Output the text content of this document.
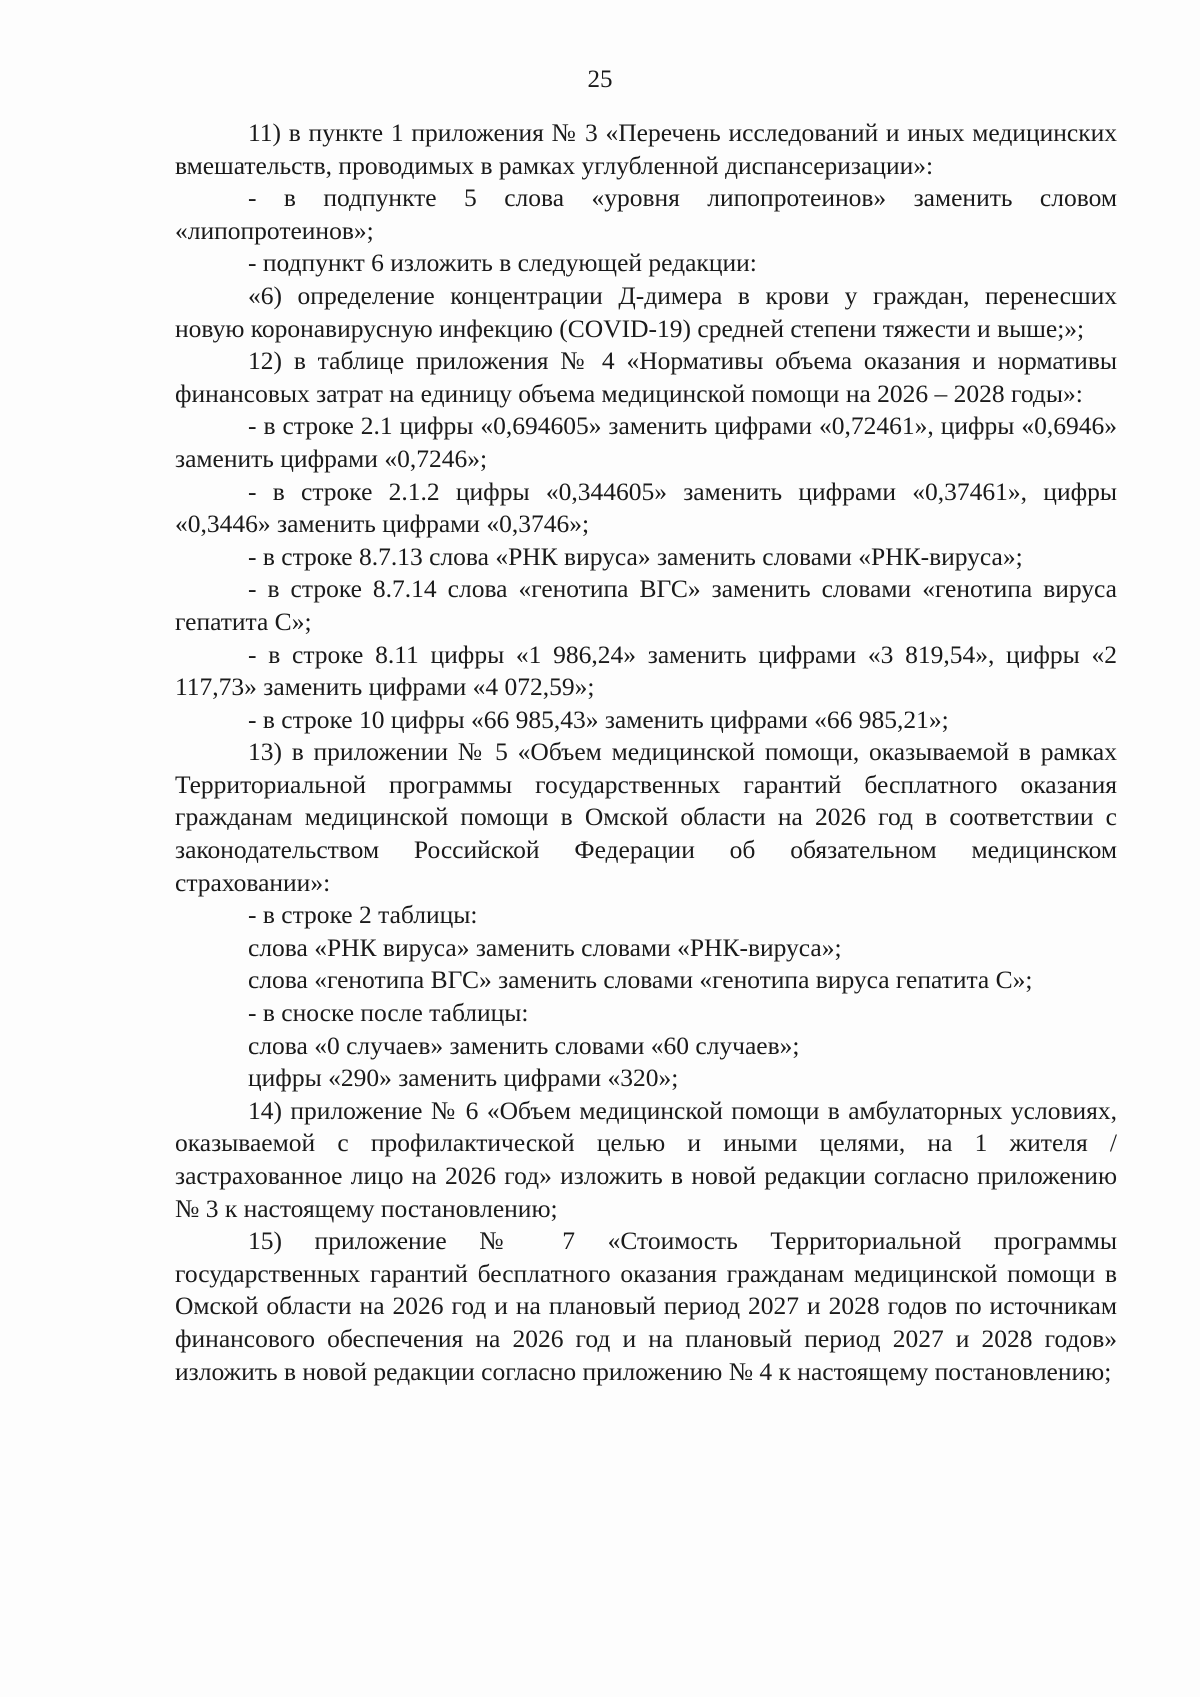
25

11) в пункте 1 приложения № 3 «Перечень исследований и иных медицинских вмешательств, проводимых в рамках углубленной диспансеризации»:

- в подпункте 5 слова «уровня липопротеинов» заменить словом «липопротеинов»;

- подпункт 6 изложить в следующей редакции:

«6) определение концентрации Д-димера в крови у граждан, перенесших новую коронавирусную инфекцию (COVID-19) средней степени тяжести и выше;»;

12) в таблице приложения № 4 «Нормативы объема оказания и нормативы финансовых затрат на единицу объема медицинской помощи на 2026 – 2028 годы»:

- в строке 2.1 цифры «0,694605» заменить цифрами «0,72461», цифры «0,6946» заменить цифрами «0,7246»;

- в строке 2.1.2 цифры «0,344605» заменить цифрами «0,37461», цифры «0,3446» заменить цифрами «0,3746»;

- в строке 8.7.13 слова «РНК вируса» заменить словами «РНК-вируса»;

- в строке 8.7.14 слова «генотипа ВГС» заменить словами «генотипа вируса гепатита С»;

- в строке 8.11 цифры «1 986,24» заменить цифрами «3 819,54», цифры «2 117,73» заменить цифрами «4 072,59»;

- в строке 10 цифры «66 985,43» заменить цифрами «66 985,21»;

13) в приложении № 5 «Объем медицинской помощи, оказываемой в рамках Территориальной программы государственных гарантий бесплатного оказания гражданам медицинской помощи в Омской области на 2026 год в соответствии с законодательством Российской Федерации об обязательном медицинском страховании»:

- в строке 2 таблицы:

слова «РНК вируса» заменить словами «РНК-вируса»;

слова «генотипа ВГС» заменить словами «генотипа вируса гепатита С»;

- в сноске после таблицы:

слова «0 случаев» заменить словами «60 случаев»;

цифры «290» заменить цифрами «320»;

14) приложение № 6 «Объем медицинской помощи в амбулаторных условиях, оказываемой с профилактической целью и иными целями, на 1 жителя / застрахованное лицо на 2026 год» изложить в новой редакции согласно приложению № 3 к настоящему постановлению;

15) приложение № 7 «Стоимость Территориальной программы государственных гарантий бесплатного оказания гражданам медицинской помощи в Омской области на 2026 год и на плановый период 2027 и 2028 годов по источникам финансового обеспечения на 2026 год и на плановый период 2027 и 2028 годов» изложить в новой редакции согласно приложению № 4 к настоящему постановлению;
